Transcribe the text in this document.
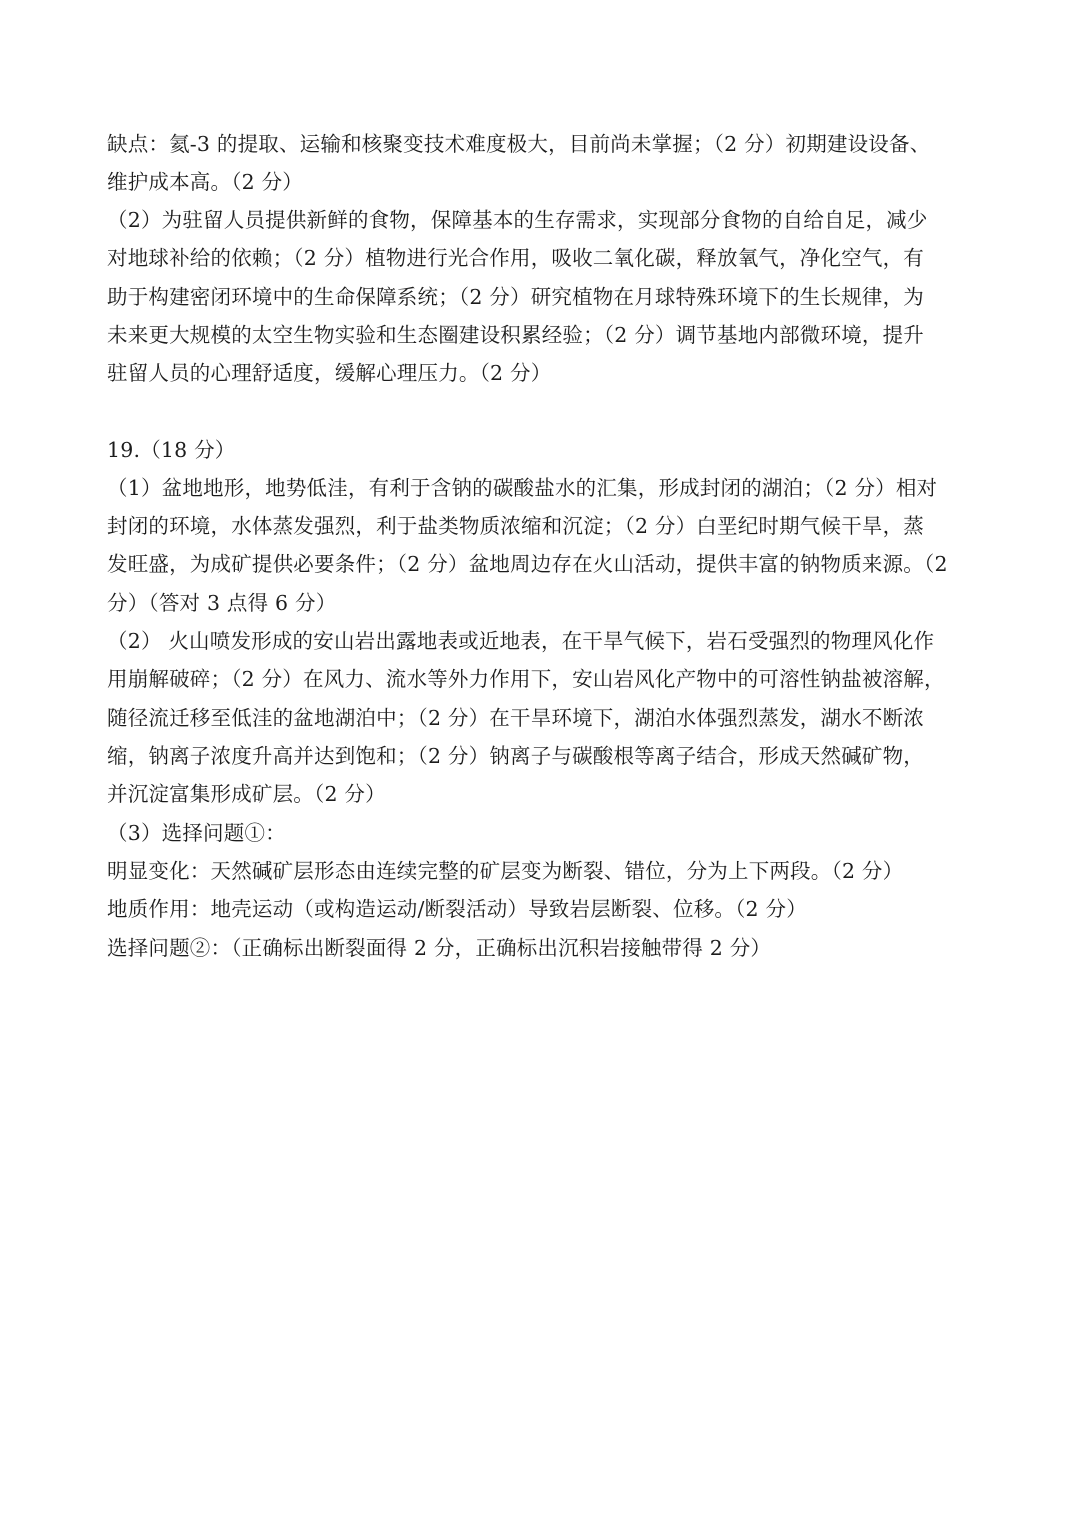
缺点：氦-3 的提取、运输和核聚变技术难度极大，目前尚未掌握；（2 分）初期建设设备、
维护成本高。（2 分）
（2）为驻留人员提供新鲜的食物，保障基本的生存需求，实现部分食物的自给自足，减少
对地球补给的依赖；（2 分）植物进行光合作用，吸收二氧化碳，释放氧气，净化空气，有
助于构建密闭环境中的生命保障系统；（2 分）研究植物在月球特殊环境下的生长规律，为
未来更大规模的太空生物实验和生态圈建设积累经验；（2 分）调节基地内部微环境，提升
驻留人员的心理舒适度，缓解心理压力。（2 分）
19.（18 分）
（1）盆地地形，地势低洼，有利于含钠的碳酸盐水的汇集，形成封闭的湖泊；（2 分）相对
封闭的环境，水体蒸发强烈，利于盐类物质浓缩和沉淀；（2 分）白垩纪时期气候干旱，蒸
发旺盛，为成矿提供必要条件；（2 分）盆地周边存在火山活动，提供丰富的钠物质来源。（2
分）（答对 3 点得 6 分）
（2） 火山喷发形成的安山岩出露地表或近地表，在干旱气候下，岩石受强烈的物理风化作
用崩解破碎；（2 分）在风力、流水等外力作用下，安山岩风化产物中的可溶性钠盐被溶解，
随径流迁移至低洼的盆地湖泊中；（2 分）在干旱环境下，湖泊水体强烈蒸发，湖水不断浓
缩，钠离子浓度升高并达到饱和；（2 分）钠离子与碳酸根等离子结合，形成天然碱矿物，
并沉淀富集形成矿层。（2 分）
（3）选择问题①：
明显变化：天然碱矿层形态由连续完整的矿层变为断裂、错位，分为上下两段。（2 分）
地质作用：地壳运动（或构造运动/断裂活动）导致岩层断裂、位移。（2 分）
选择问题②：（正确标出断裂面得 2 分，正确标出沉积岩接触带得 2 分）
